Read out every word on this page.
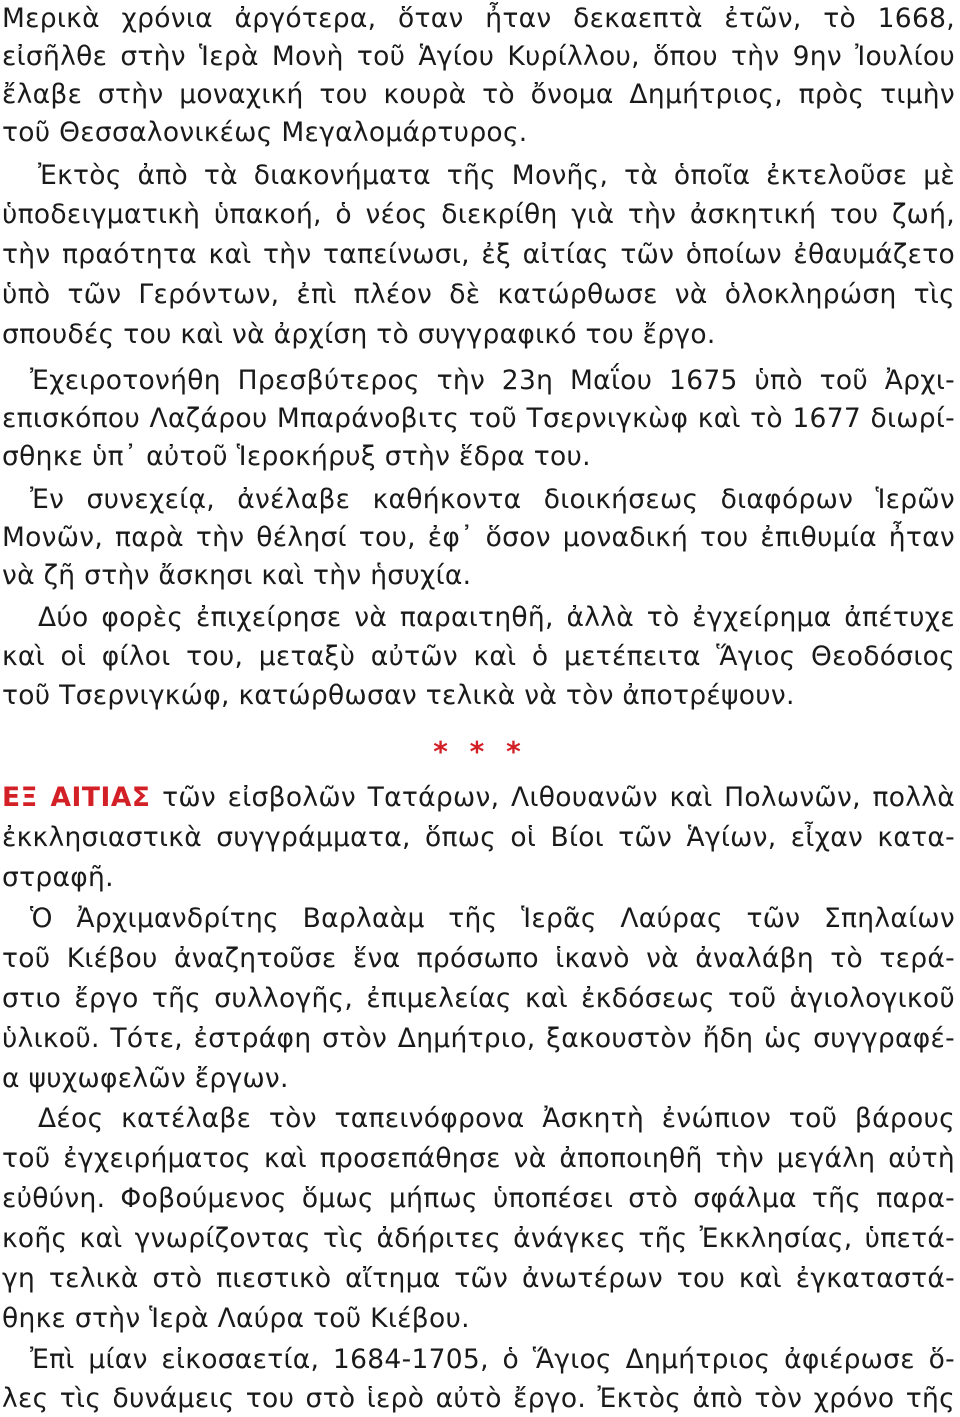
Μερικὰ χρόνια ἀργότερα, ὅταν ἦταν δεκαεπτὰ ἐτῶν, τὸ 1668,
εἰσῆλθε στὴν Ἱερὰ Μονὴ τοῦ Ἁγίου Κυρίλλου, ὅπου τὴν 9ην Ἰουλίου
ἔλαβε στὴν μοναχική του κουρὰ τὸ ὄνομα Δημήτριος, πρὸς τιμὴν
τοῦ Θεσσαλονικέως Μεγαλομάρτυρος.
Ἐκτὸς ἀπὸ τὰ διακονήματα τῆς Μονῆς, τὰ ὁποῖα ἐκτελοῦσε μὲ
ὑποδειγματικὴ ὑπακοή, ὁ νέος διεκρίθη γιὰ τὴν ἀσκητική του ζωή,
τὴν πραότητα καὶ τὴν ταπείνωσι, ἐξ αἰτίας τῶν ὁποίων ἐθαυμάζετο
ὑπὸ τῶν Γερόντων, ἐπὶ πλέον δὲ κατώρθωσε νὰ ὁλοκληρώση τὶς
σπουδές του καὶ νὰ ἀρχίση τὸ συγγραφικό του ἔργο.
Ἐχειροτονήθη Πρεσβύτερος τὴν 23η Μαΐου 1675 ὑπὸ τοῦ Ἀρχι-
επισκόπου Λαζάρου Μπαράνοβιτς τοῦ Τσερνιγκὼφ καὶ τὸ 1677 διωρί-
σθηκε ὑπ᾽ αὐτοῦ Ἱεροκήρυξ στὴν ἕδρα του.
Ἐν συνεχείᾳ, ἀνέλαβε καθήκοντα διοικήσεως διαφόρων Ἱερῶν
Μονῶν, παρὰ τὴν θέλησί του, ἐφ᾽ ὅσον μοναδική του ἐπιθυμία ἦταν
νὰ ζῆ στὴν ἄσκησι καὶ τὴν ἡσυχία.
Δύο φορὲς ἐπιχείρησε νὰ παραιτηθῆ, ἀλλὰ τὸ ἐγχείρημα ἀπέτυχε
καὶ οἱ φίλοι του, μεταξὺ αὐτῶν καὶ ὁ μετέπειτα Ἅγιος Θεοδόσιος
τοῦ Τσερνιγκώφ, κατώρθωσαν τελικὰ νὰ τὸν ἀποτρέψουν.
* * *
ΕΞ ΑΙΤΙΑΣ τῶν εἰσβολῶν Τατάρων, Λιθουανῶν καὶ Πολωνῶν, πολλὰ
ἐκκλησιαστικὰ συγγράμματα, ὅπως οἱ Βίοι τῶν Ἁγίων, εἶχαν κατα-
στραφῆ.
Ὁ Ἀρχιμανδρίτης Βαρλαὰμ τῆς Ἱερᾶς Λαύρας τῶν Σπηλαίων
τοῦ Κιέβου ἀναζητοῦσε ἕνα πρόσωπο ἱκανὸ νὰ ἀναλάβη τὸ τερά-
στιο ἔργο τῆς συλλογῆς, ἐπιμελείας καὶ ἐκδόσεως τοῦ ἁγιολογικοῦ
ὑλικοῦ. Τότε, ἐστράφη στὸν Δημήτριο, ξακουστὸν ἤδη ὡς συγγραφέ-
α ψυχωφελῶν ἔργων.
Δέος κατέλαβε τὸν ταπεινόφρονα Ἀσκητὴ ἐνώπιον τοῦ βάρους
τοῦ ἐγχειρήματος καὶ προσεπάθησε νὰ ἀποποιηθῆ τὴν μεγάλη αὐτὴ
εὐθύνη. Φοβούμενος ὅμως μήπως ὑποπέσει στὸ σφάλμα τῆς παρα-
κοῆς καὶ γνωρίζοντας τὶς ἀδήριτες ἀνάγκες τῆς Ἐκκλησίας, ὑπετά-
γη τελικὰ στὸ πιεστικὸ αἴτημα τῶν ἀνωτέρων του καὶ ἐγκαταστά-
θηκε στὴν Ἱερὰ Λαύρα τοῦ Κιέβου.
Ἐπὶ μίαν εἰκοσαετία, 1684-1705, ὁ Ἅγιος Δημήτριος ἀφιέρωσε ὅ-
λες τὶς δυνάμεις του στὸ ἱερὸ αὐτὸ ἔργο. Ἐκτὸς ἀπὸ τὸν χρόνο τῆς
